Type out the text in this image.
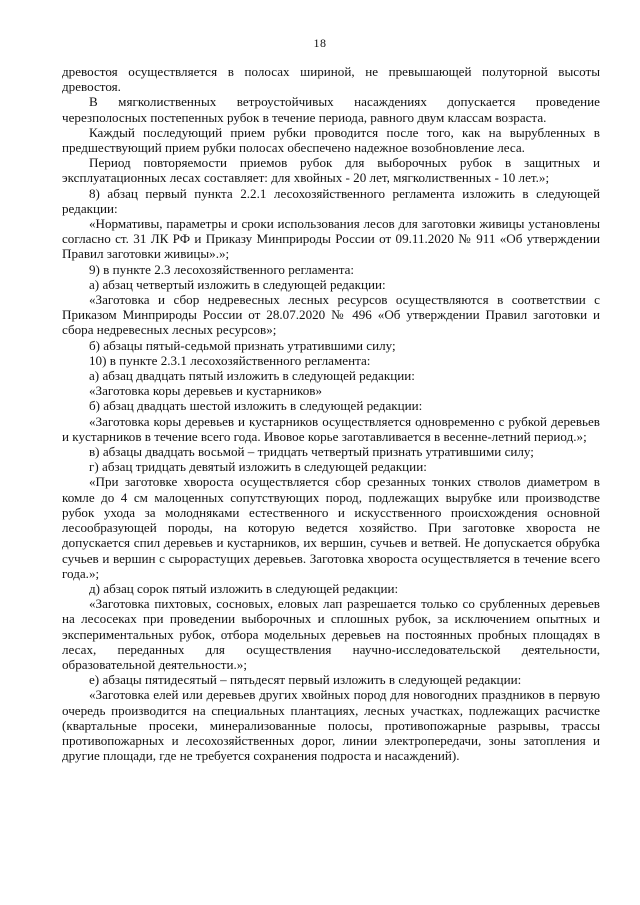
18

древостоя осуществляется в полосах шириной, не превышающей полуторной высоты древостоя.

В мягколиственных ветроустойчивых насаждениях допускается проведение черезполосных постепенных рубок в течение периода, равного двум классам возраста.

Каждый последующий прием рубки проводится после того, как на вырубленных в предшествующий прием рубки полосах обеспечено надежное возобновление леса.

Период повторяемости приемов рубок для выборочных рубок в защитных и эксплуатационных лесах составляет: для хвойных - 20 лет, мягколиственных - 10 лет.»;

8) абзац первый пункта 2.2.1 лесохозяйственного регламента изложить в следующей редакции:

«Нормативы, параметры и сроки использования лесов для заготовки живицы установлены согласно ст. 31 ЛК РФ и Приказу Минприроды России от 09.11.2020 № 911 «Об утверждении Правил заготовки живицы».»;

9) в пункте 2.3 лесохозяйственного регламента:

а) абзац четвертый изложить в следующей редакции:

«Заготовка и сбор недревесных лесных ресурсов осуществляются в соответствии с Приказом Минприроды России от 28.07.2020 № 496 «Об утверждении Правил заготовки и сбора недревесных лесных ресурсов»;

б) абзацы пятый-седьмой признать утратившими силу;

10) в пункте 2.3.1 лесохозяйственного регламента:

а) абзац двадцать пятый изложить в следующей редакции:

«Заготовка коры деревьев и кустарников»

б) абзац двадцать шестой изложить в следующей редакции:

«Заготовка коры деревьев и кустарников осуществляется одновременно с рубкой деревьев и кустарников в течение всего года. Ивовое корье заготавливается в весенне-летний период.»;

в) абзацы двадцать восьмой – тридцать четвертый признать утратившими силу;

г) абзац тридцать девятый изложить в следующей редакции:

«При заготовке хвороста осуществляется сбор срезанных тонких стволов диаметром в комле до 4 см малоценных сопутствующих пород, подлежащих вырубке или производстве рубок ухода за молодняками естественного и искусственного происхождения основной лесообразующей породы, на которую ведется хозяйство. При заготовке хвороста не допускается спил деревьев и кустарников, их вершин, сучьев и ветвей. Не допускается обрубка сучьев и вершин с сыроpастущих деревьев. Заготовка хвороста осуществляется в течение всего года.»;

д) абзац сорок пятый изложить в следующей редакции:

«Заготовка пихтовых, сосновых, еловых лап разрешается только со срубленных деревьев на лесосеках при проведении выборочных и сплошных рубок, за исключением опытных и экспериментальных рубок, отбора модельных деревьев на постоянных пробных площадях в лесах, переданных для осуществления научно-исследовательской деятельности, образовательной деятельности.»;

е) абзацы пятидесятый – пятьдесят первый изложить в следующей редакции:

«Заготовка елей или деревьев других хвойных пород для новогодних праздников в первую очередь производится на специальных плантациях, лесных участках, подлежащих расчистке (квартальные просеки, минерализованные полосы, противопожарные разрывы, трассы противопожарных и лесохозяйственных дорог, линии электропередачи, зоны затопления и другие площади, где не требуется сохранения подроста и насаждений).
